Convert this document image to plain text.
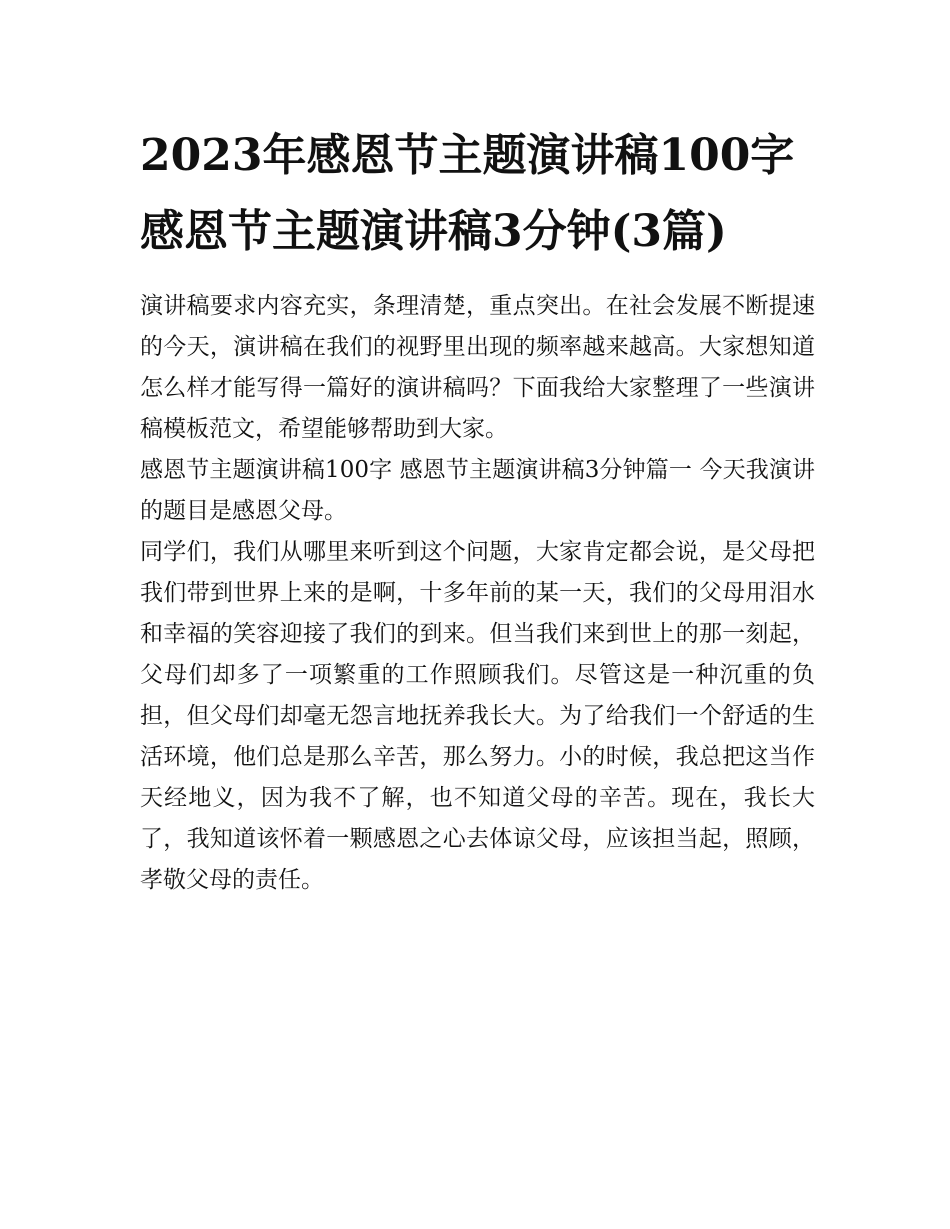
2023年感恩节主题演讲稿100字 感恩节主题演讲稿3分钟(3篇)

演讲稿要求内容充实，条理清楚，重点突出。在社会发展不断提速的今天，演讲稿在我们的视野里出现的频率越来越高。大家想知道怎么样才能写得一篇好的演讲稿吗？下面我给大家整理了一些演讲稿模板范文，希望能够帮助到大家。

感恩节主题演讲稿100字 感恩节主题演讲稿3分钟篇一 今天我演讲的题目是感恩父母。

同学们，我们从哪里来听到这个问题，大家肯定都会说，是父母把我们带到世界上来的是啊，十多年前的某一天，我们的父母用泪水和幸福的笑容迎接了我们的到来。但当我们来到世上的那一刻起，父母们却多了一项繁重的工作照顾我们。尽管这是一种沉重的负担，但父母们却毫无怨言地抚养我长大。为了给我们一个舒适的生活环境，他们总是那么辛苦，那么努力。小的时候，我总把这当作天经地义，因为我不了解，也不知道父母的辛苦。现在，我长大了，我知道该怀着一颗感恩之心去体谅父母，应该担当起，照顾，孝敬父母的责任。
